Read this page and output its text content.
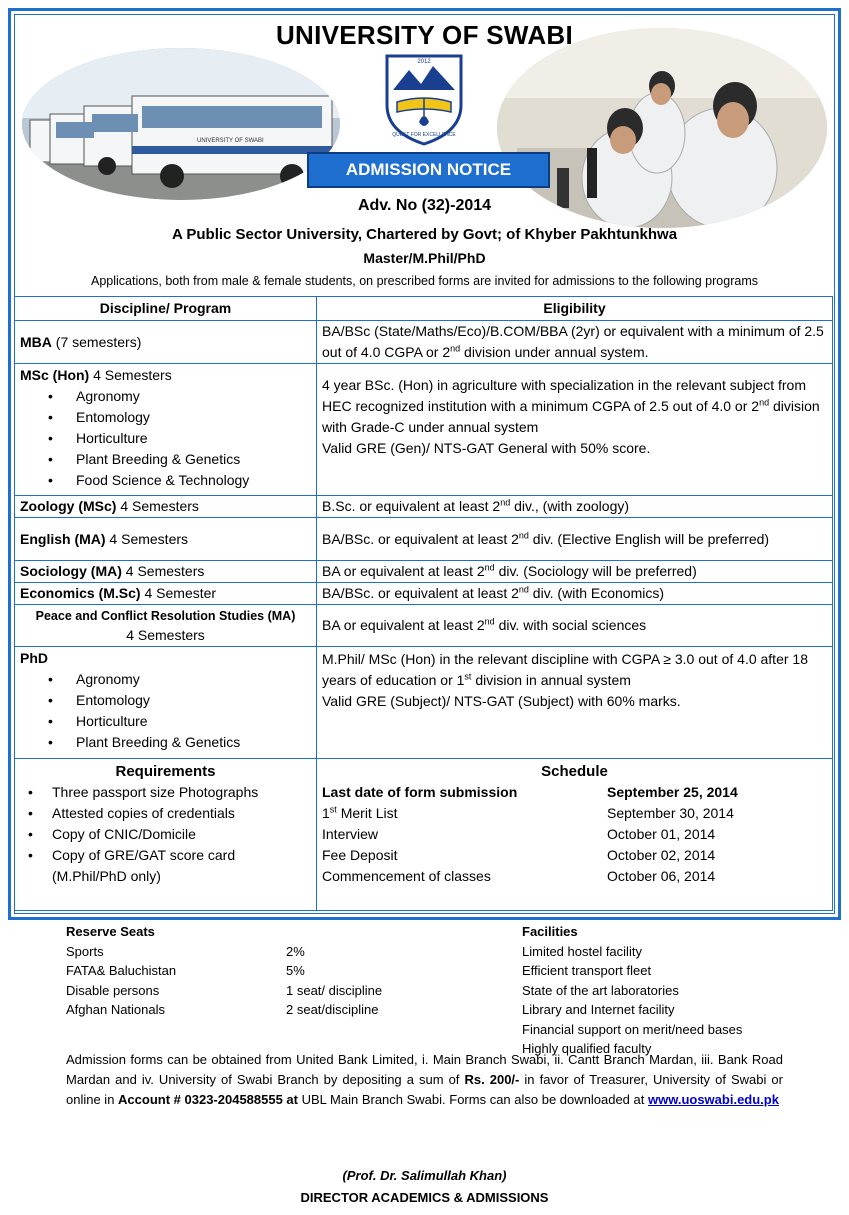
UNIVERSITY OF SWABI
UNIVERSITY OF SWABI
2012
QUEST FOR EXCELLENCE
ADMISSION NOTICE
Adv. No (32)-2014
A Public Sector University, Chartered by Govt; of Khyber Pakhtunkhwa
Master/M.Phil/PhD
Applications, both from male & female students, on prescribed forms are invited for admissions to the following programs
Discipline/ Program	Eligibility
MBA (7 semesters)	BA/BSc (State/Maths/Eco)/B.COM/BBA (2yr) or equivalent with a minimum of 2.5 out of 4.0 CGPA or 2nd division under annual system.
MSc (Hon) 4 Semesters
• Agronomy
• Entomology
• Horticulture
• Plant Breeding & Genetics
• Food Science & Technology
	4 year BSc. (Hon) in agriculture with specialization in the relevant subject from HEC recognized institution with a minimum CGPA of 2.5 out of 4.0 or 2nd division with Grade-C under annual system
Valid GRE (Gen)/ NTS-GAT General with 50% score.
Zoology (MSc) 4 Semesters	B.Sc. or equivalent at least 2nd div., (with zoology)
English (MA) 4 Semesters	BA/BSc. or equivalent at least 2nd div. (Elective English will be preferred)
Sociology (MA) 4 Semesters	BA or equivalent at least 2nd div. (Sociology will be preferred)
Economics (M.Sc) 4 Semester	BA/BSc. or equivalent at least 2nd div. (with Economics)
Peace and Conflict Resolution Studies (MA)
4 Semesters	BA or equivalent at least 2nd div. with social sciences
PhD
• Agronomy
• Entomology
• Horticulture
• Plant Breeding & Genetics
	M.Phil/ MSc (Hon) in the relevant discipline with CGPA ≥ 3.0 out of 4.0 after 18 years of education or 1st division in annual system
Valid GRE (Subject)/ NTS-GAT (Subject) with 60% marks.

Requirements
• Three passport size Photographs
• Attested copies of credentials
• Copy of CNIC/Domicile
• Copy of GRE/GAT score card (M.Phil/PhD only)

Schedule
Last date of form submission	September 25, 2014
1st Merit List	September 30, 2014
Interview	October 01, 2014
Fee Deposit	October 02, 2014
Commencement of classes	October 06, 2014
Reserve Seats
Sports	2%
FATA& Baluchistan	5%
Disable persons	1 seat/ discipline
Afghan Nationals	2 seat/discipline
Facilities
Limited hostel facility
Efficient transport fleet
State of the art laboratories
Library and Internet facility
Financial support on merit/need bases
Highly qualified faculty
Admission forms can be obtained from United Bank Limited, i. Main Branch Swabi, ii. Cantt Branch Mardan, iii. Bank Road Mardan and iv. University of Swabi Branch by depositing a sum of Rs. 200/- in favor of Treasurer, University of Swabi or online in Account # 0323-204588555 at UBL Main Branch Swabi. Forms can also be downloaded at www.uoswabi.edu.pk
(Prof. Dr. Salimullah Khan)
DIRECTOR ACADEMICS & ADMISSIONS
